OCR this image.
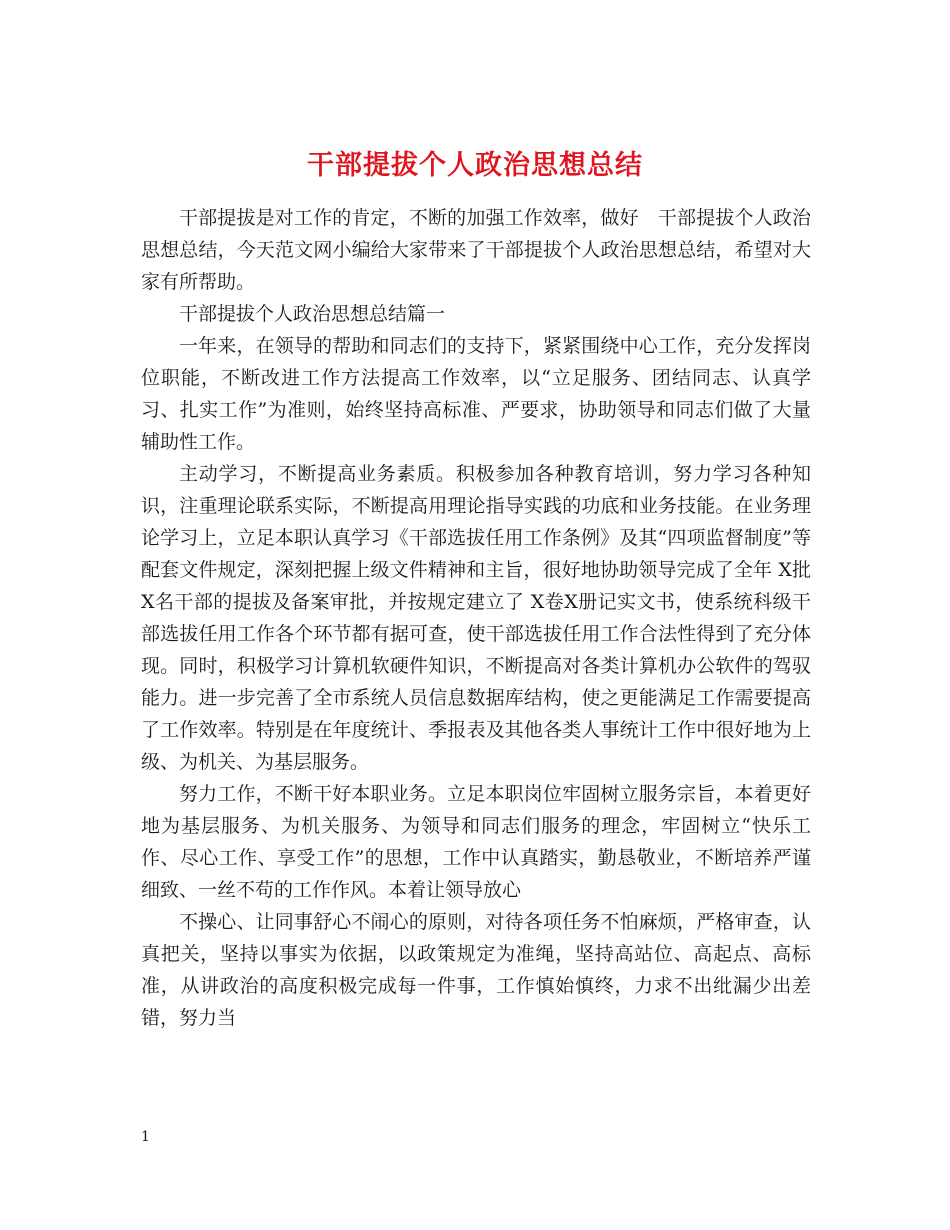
干部提拔个人政治思想总结

干部提拔是对工作的肯定，不断的加强工作效率，做好　干部提拔个人政治思想总结，今天范文网小编给大家带来了干部提拔个人政治思想总结，希望对大家有所帮助。

干部提拔个人政治思想总结篇一

一年来，在领导的帮助和同志们的支持下，紧紧围绕中心工作，充分发挥岗位职能，不断改进工作方法提高工作效率，以“立足服务、团结同志、认真学习、扎实工作”为准则，始终坚持高标准、严要求，协助领导和同志们做了大量辅助性工作。

主动学习，不断提高业务素质。积极参加各种教育培训，努力学习各种知识，注重理论联系实际，不断提高用理论指导实践的功底和业务技能。在业务理论学习上，立足本职认真学习《干部选拔任用工作条例》及其“四项监督制度”等配套文件规定，深刻把握上级文件精神和主旨，很好地协助领导完成了全年 X批X名干部的提拔及备案审批，并按规定建立了 X卷X册记实文书，使系统科级干部选拔任用工作各个环节都有据可查，使干部选拔任用工作合法性得到了充分体现。同时，积极学习计算机软硬件知识，不断提高对各类计算机办公软件的驾驭能力。进一步完善了全市系统人员信息数据库结构，使之更能满足工作需要提高了工作效率。特别是在年度统计、季报表及其他各类人事统计工作中很好地为上级、为机关、为基层服务。

努力工作，不断干好本职业务。立足本职岗位牢固树立服务宗旨，本着更好地为基层服务、为机关服务、为领导和同志们服务的理念，牢固树立“快乐工作、尽心工作、享受工作”的思想，工作中认真踏实，勤恳敬业，不断培养严谨细致、一丝不苟的工作作风。本着让领导放心

不操心、让同事舒心不闹心的原则，对待各项任务不怕麻烦，严格审查，认真把关，坚持以事实为依据，以政策规定为准绳，坚持高站位、高起点、高标准，从讲政治的高度积极完成每一件事，工作慎始慎终，力求不出纰漏少出差错，努力当

1
